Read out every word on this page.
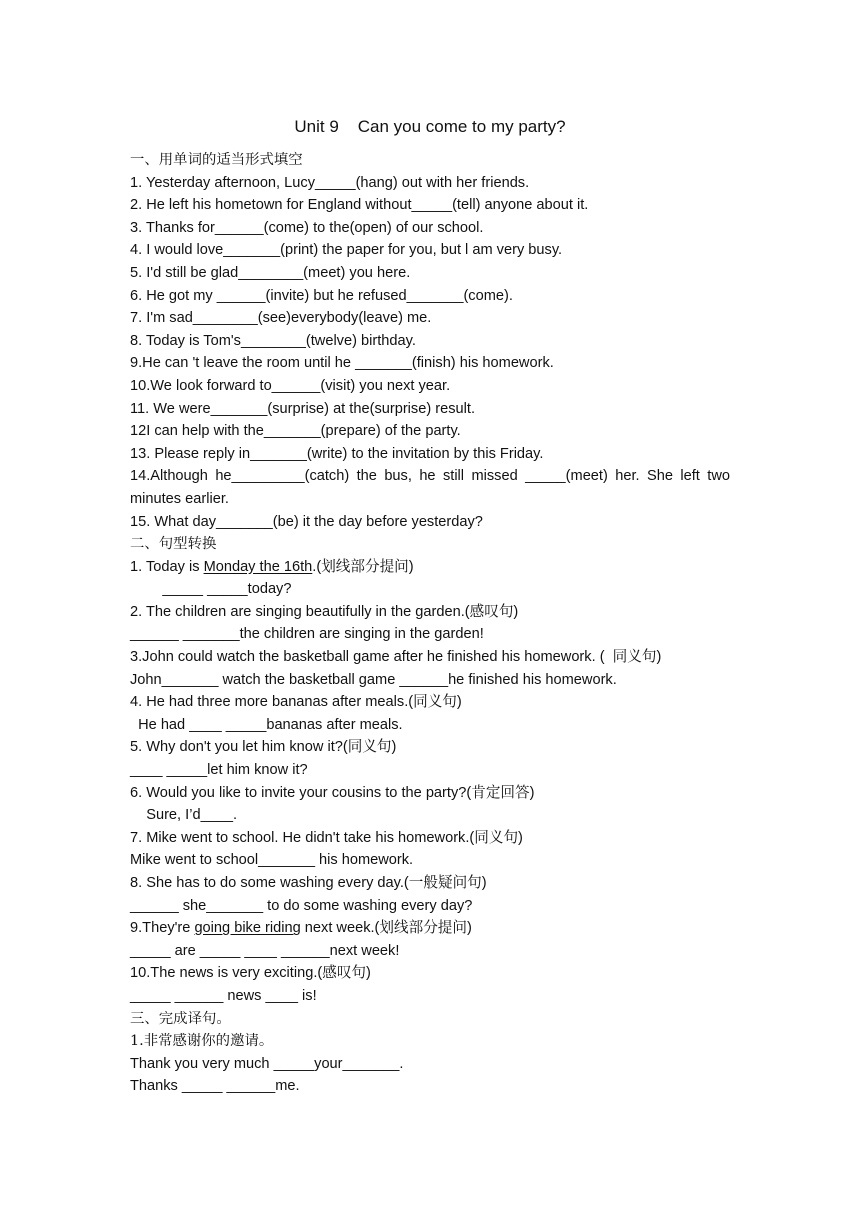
Unit 9    Can you come to my party?
一、用单词的适当形式填空
1. Yesterday afternoon, Lucy_____(hang) out with her friends.
2. He left his hometown for England without_____(tell) anyone about it.
3. Thanks for______(come) to the(open) of our school.
4. I would love_______(print) the paper for you, but l am very busy.
5. I'd still be glad________(meet) you here.
6. He got my ______(invite) but he refused_______(come).
7. I'm sad________(see)everybody(leave) me.
8. Today is Tom's________(twelve) birthday.
9.He can 't leave the room until he _______(finish) his homework.
10.We look forward to______(visit) you next year.
11. We were_______(surprise) at the(surprise) result.
12I can help with the_______(prepare) of the party.
13. Please reply in_______(write) to the invitation by this Friday.
14.Although he_________(catch) the bus, he still missed _____(meet) her. She left two minutes earlier.
15. What day_______(be) it the day before yesterday?
二、句型转换
1. Today is Monday the 16th.(划线部分提问)
_____ _____today?
2. The children are singing beautifully in the garden.(感叹句)
______ _______the children are singing in the garden!
3.John could watch the basketball game after he finished his homework. (  同义句)
John_______ watch the basketball game ______he finished his homework.
4. He had three more bananas after meals.(同义句)
He had ____ _____bananas after meals.
5. Why don't you let him know it?(同义句)
____ _____let him know it?
6. Would you like to invite your cousins to the party?(肯定回答)
Sure, I’d____.
7. Mike went to school. He didn't take his homework.(同义句)
Mike went to school_______ his homework.
8. She has to do some washing every day.(一般疑问句)
______ she_______ to do some washing every day?
9.They're going bike riding next week.(划线部分提问)
_____ are _____ ____ ______next week!
10.The news is very exciting.(感叹句)
_____ ______ news ____ is!
三、完成译句。
1.非常感谢你的邀请。
Thank you very much _____your_______.
Thanks _____ ______me.
